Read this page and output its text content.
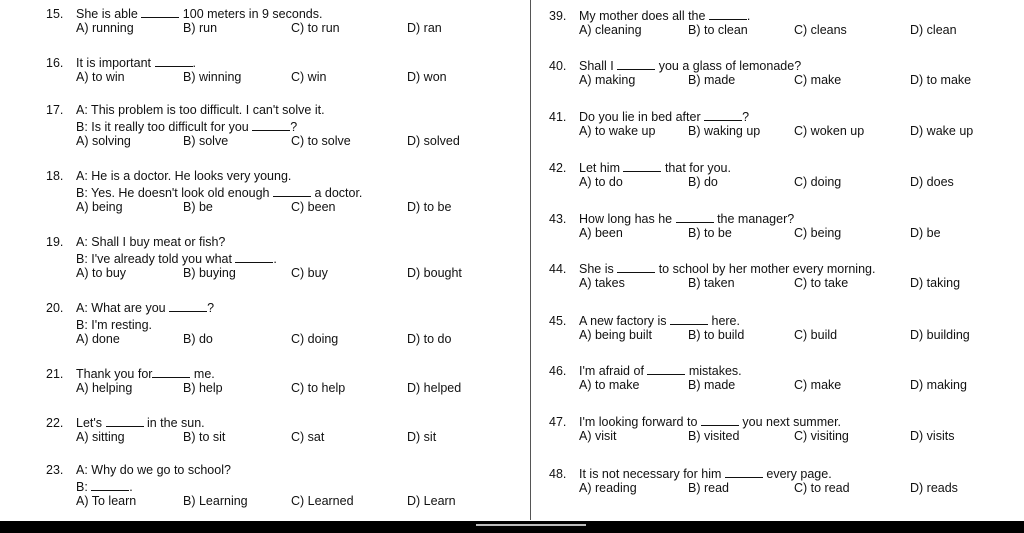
15.	She is able	100 meters in 9 seconds.
A) running	B) run	C) to run	D) ran
16.	It is important	.
A) to win	B) winning	C) win	D) won
17.	A: This problem is too difficult. I can't solve it.
B: Is it really too difficult for you	?
A) solving	B) solve	C) to solve	D) solved
18.	A: He is a doctor. He looks very young.
B: Yes. He doesn't look old enough	a doctor.
A) being	B) be	C) been	D) to be
19.	A: Shall I buy meat or fish?
B: I've already told you what	.
A) to buy	B) buying	C) buy	D) bought
20.	A: What are you	?
B: I'm resting.
A) done	B) do	C) doing	D) to do
21.	Thank you for	me.
A) helping	B) help	C) to help	D) helped
22.	Let's	in the sun.
A) sitting	B) to sit	C) sat	D) sit
23.	A: Why do we go to school?
B:	.
A) To learn	B) Learning	C) Learned	D) Learn
39.	My mother does all the	.
A) cleaning	B) to clean	C) cleans	D) clean
40.	Shall I	you a glass of lemonade?
A) making	B) made	C) make	D) to make
41.	Do you lie in bed after	?
A) to wake up	B) waking up	C) woken up	D) wake up
42.	Let him	that for you.
A) to do	B) do	C) doing	D) does
43.	How long has he	the manager?
A) been	B) to be	C) being	D) be
44.	She is	to school by her mother every morning.
A) takes	B) taken	C) to take	D) taking
45.	A new factory is	here.
A) being built	B) to build	C) build	D) building
46.	I'm afraid of	mistakes.
A) to make	B) made	C) make	D) making
47.	I'm looking forward to	you next summer.
A) visit	B) visited	C) visiting	D) visits
48.	It is not necessary for him	every page.
A) reading	B) read	C) to read	D) reads
